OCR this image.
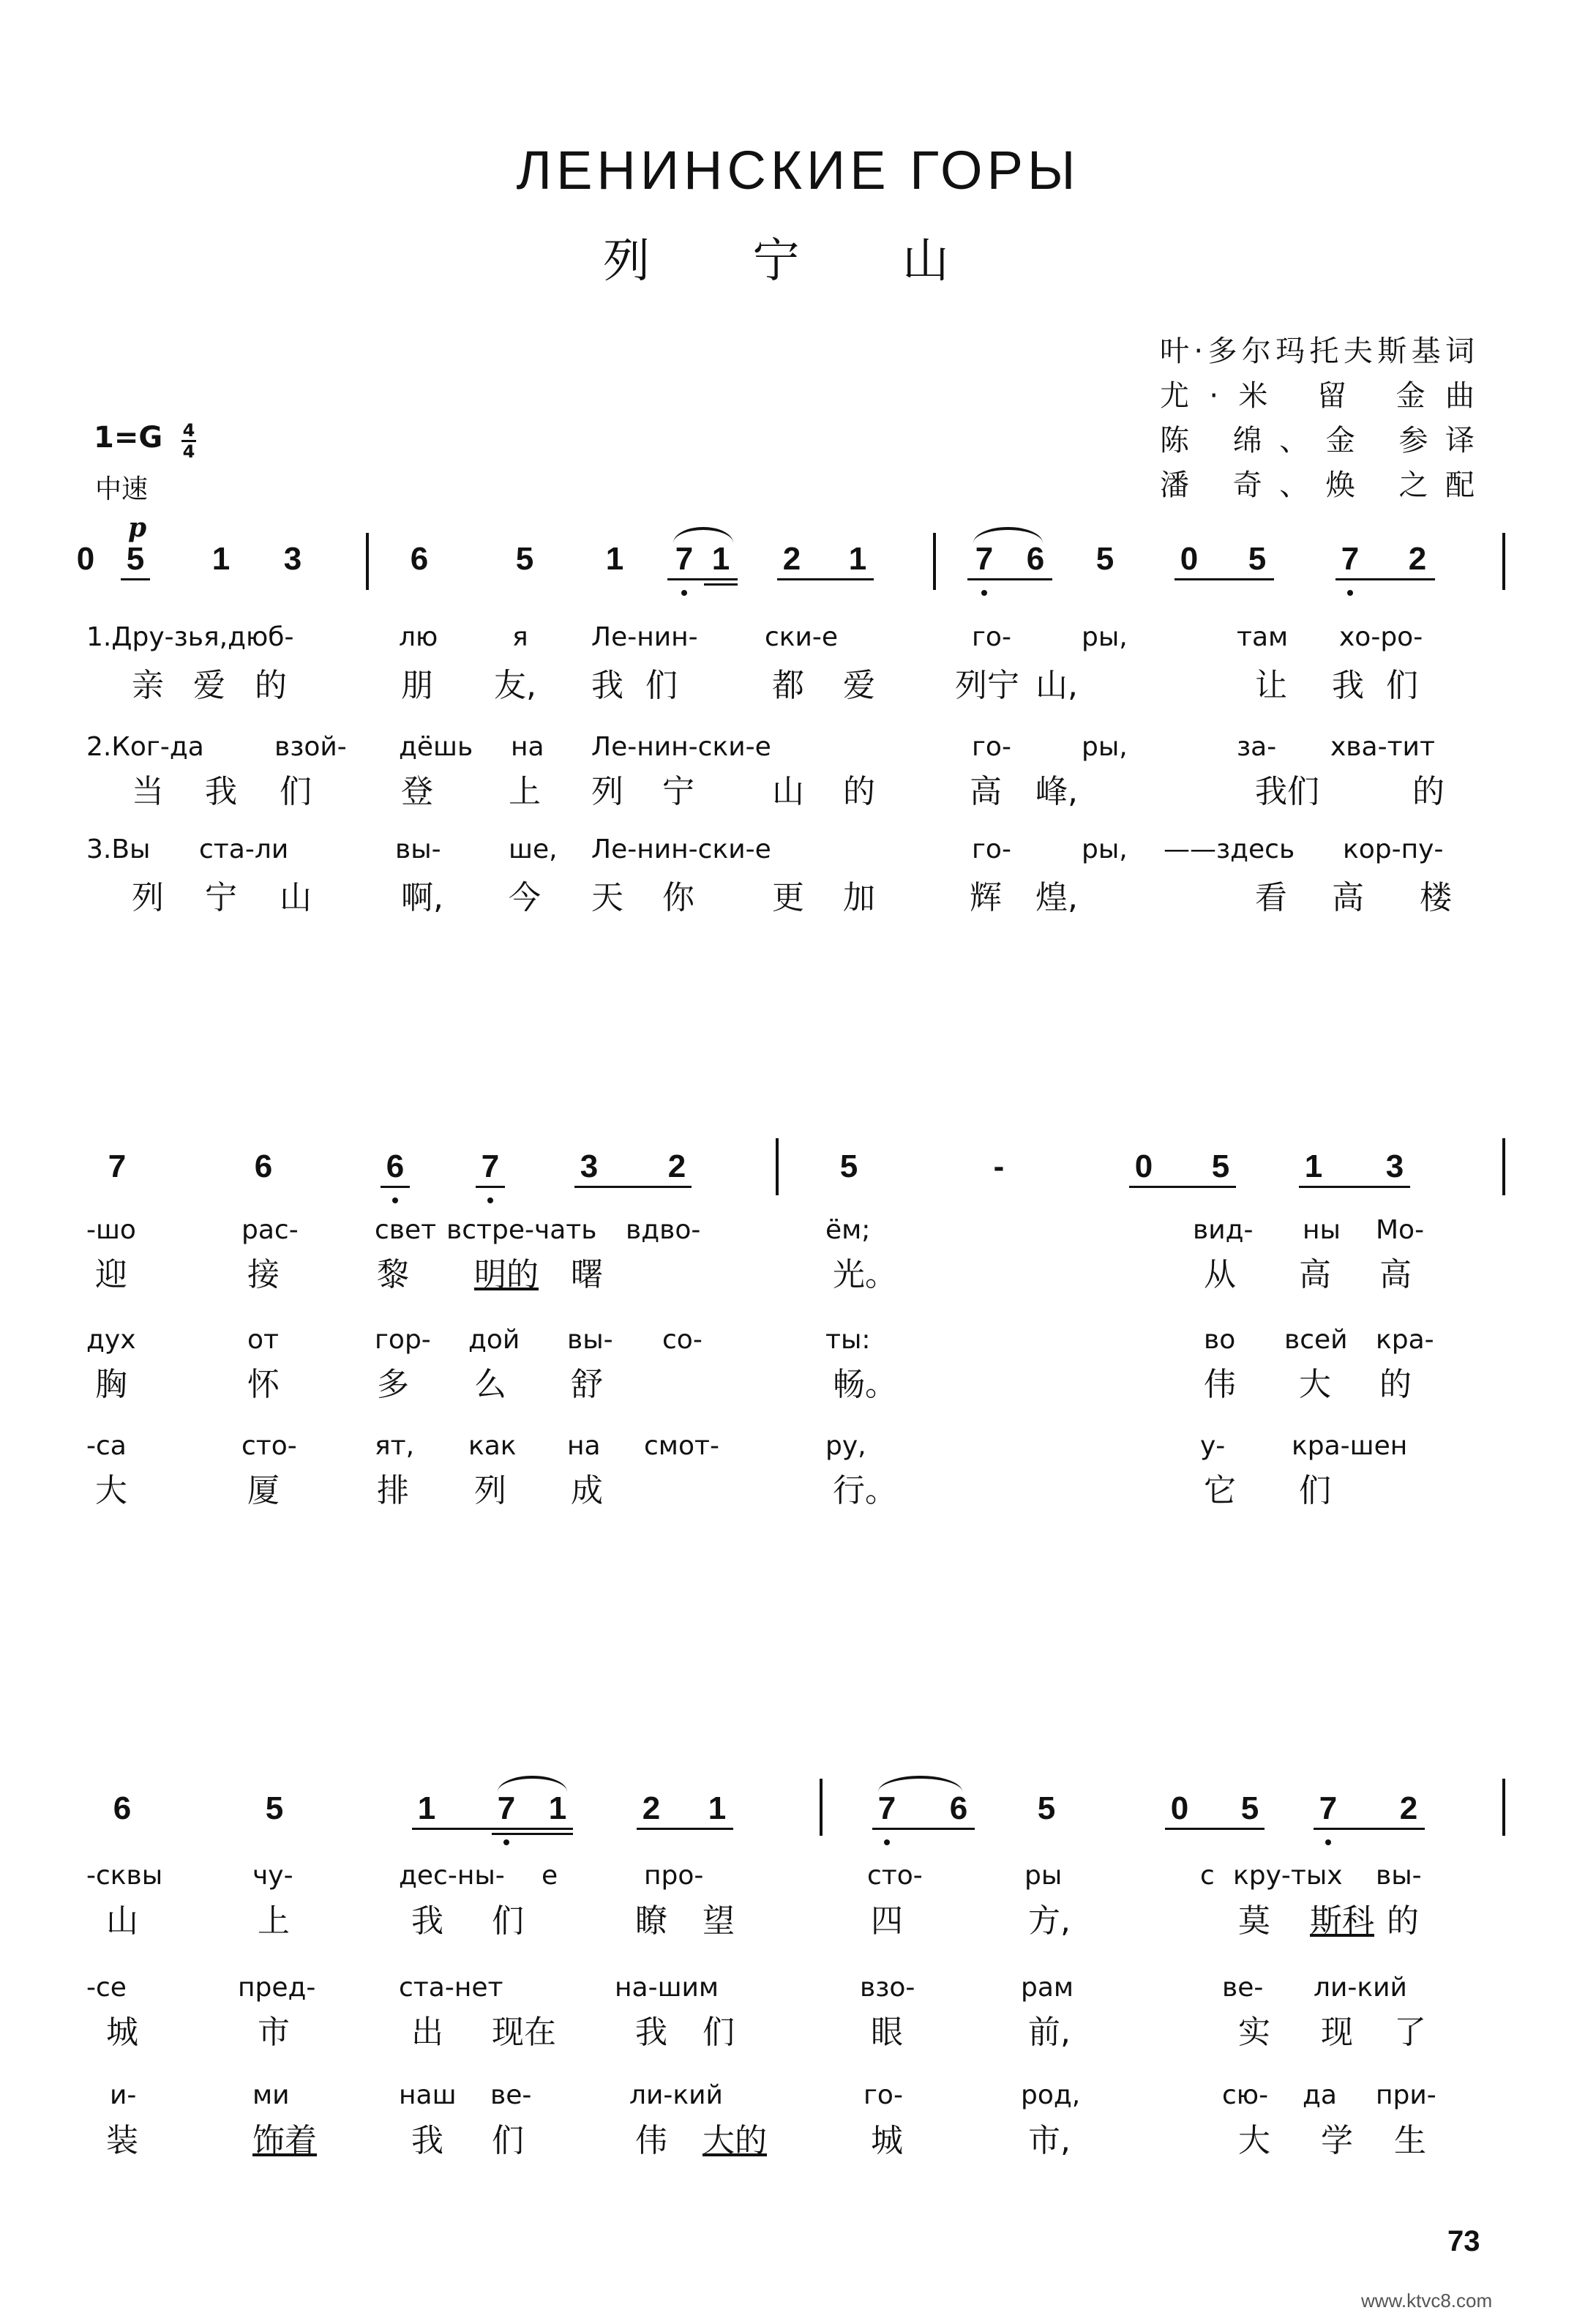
ЛЕНИНСКИЕ ГОРЫ
列 宁 山
叶·多尔玛托夫斯基词
尤·米 留 金曲
陈 绵、金 参译
潘 奇、焕 之配
1=G 4
4
中速
p
0 5 1 3	6	5 1 7 1 2 1	7 6 5 0 5 7 2
1.Дру-зья,дюб-	лю	я Ле-нин-	ски-е	го-	ры,	там хо-ро-
亲爱的	朋 友, 我们 都 爱 列宁 山,	让 我们
2.Ког-да	взой- дёшь на Ле-нин-ски-е	го-	ры,	за- хва-тит
当 我 们	登 上 列 宁 山 的	高 峰,	我们	的
3.Вы ста-ли	вы-	ше, Ле-нин-ски-е	го-	ры, ——здесь кор-пу-
列 宁 山	啊, 今 天 你 更 加	辉 煌,	看 高 楼
7	6	6 7	3 2	5	-	0 5 1 3
-шо	рас-	свет встре-чать вдво-	ём;	вид- ны Мо-
迎	接	黎 明的 曙	光。	从 高 高
дух	от	гор- дой вы- со-	ты:	во всей кра-
胸	怀	多 么 舒	畅。	伟 大 的
-са	сто-	ят, как на смот-	ру,	у-	кра-шен
大	厦	排 列 成	行。	它 们
6	5	1 7 1 2 1	7 6 5	0 5 7 2
-сквы	чу-	дес-ны- е	про-	сто-	ры	с кру-тых вы-
山	上	我 们	瞭 望	四	方,	莫 斯科 的
-се	пред-	ста-нет	на-шим	взо-	рам	ве- ли-кий
城	市	出 现在 我 们	眼	前,	实 现 了
и-	ми	наш ве-	ли-кий	го-	род,	сю- да при-
装	饰着	我 们	伟 大的	城	市,	大 学 生
73
www.ktvc8.com
